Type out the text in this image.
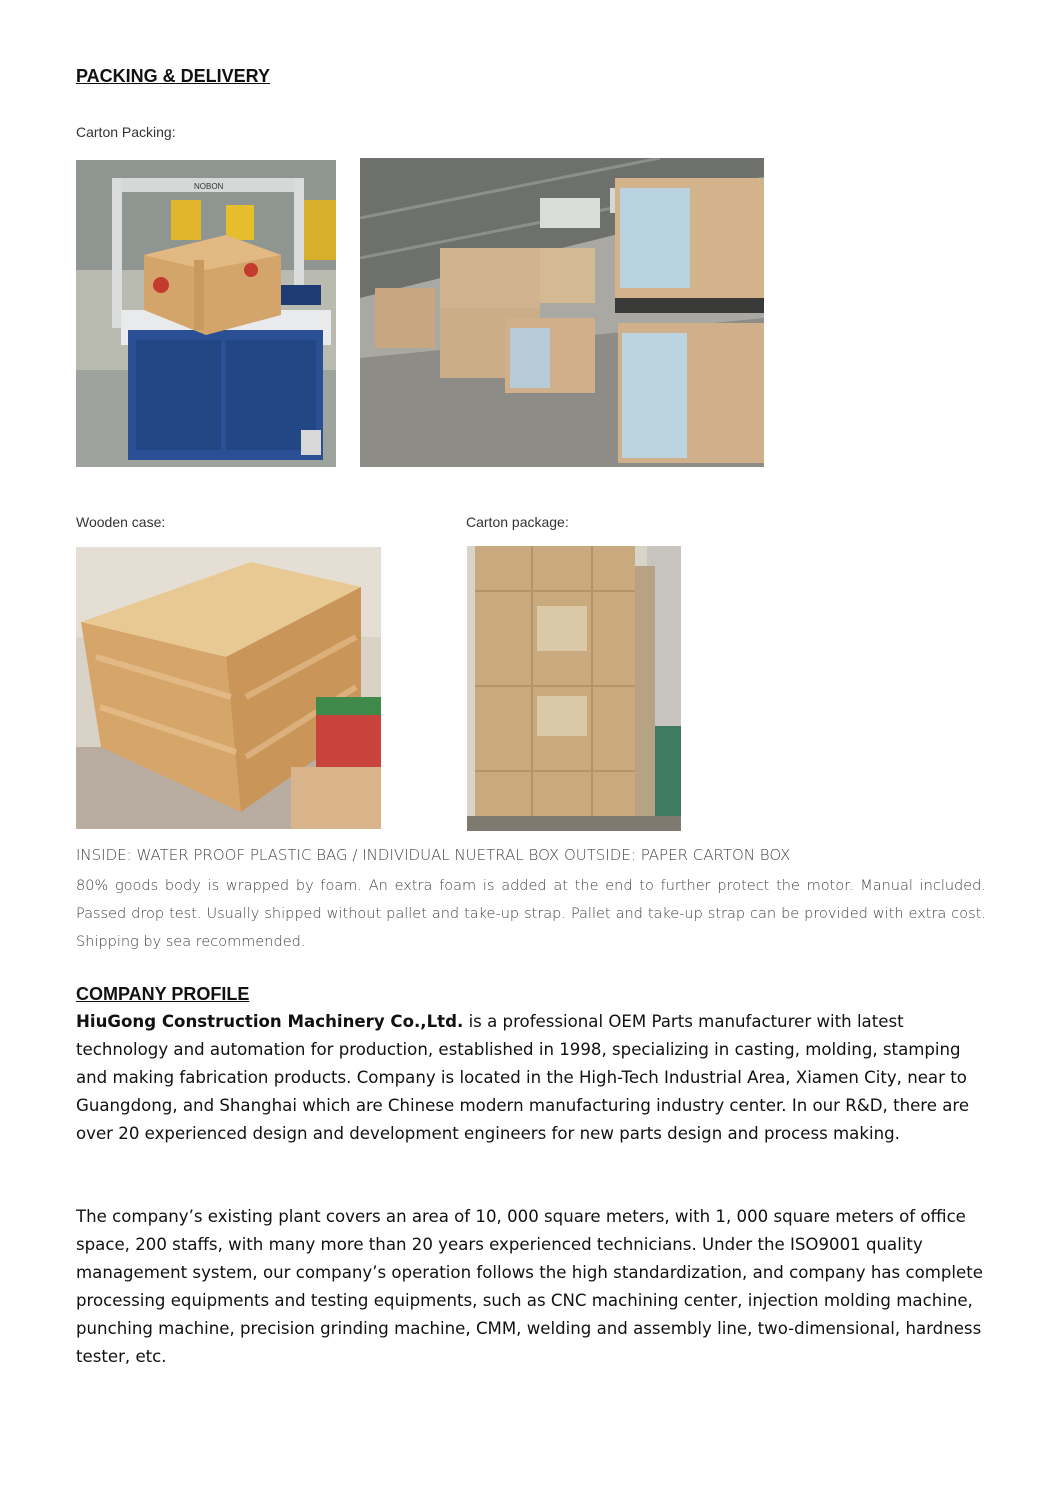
PACKING & DELIVERY
Carton Packing:
NOBON
Wooden case:	Carton package:
INSIDE: WATER PROOF PLASTIC BAG / INDIVIDUAL NUETRAL BOX OUTSIDE: PAPER CARTON BOX

80% goods body is wrapped by foam. An extra foam is added at the end to further protect the motor. Manual included. Passed drop test. Usually shipped without pallet and take-up strap. Pallet and take-up strap can be provided with extra cost. Shipping by sea recommended.

COMPANY PROFILE

HiuGong Construction Machinery Co.,Ltd. is a professional OEM Parts manufacturer with latest technology and automation for production, established in 1998, specializing in casting, molding, stamping and making fabrication products. Company is located in the High-Tech Industrial Area, Xiamen City, near to Guangdong, and Shanghai which are Chinese modern manufacturing industry center. In our R&D, there are over 20 experienced design and development engineers for new parts design and process making.

The company’s existing plant covers an area of 10, 000 square meters, with 1, 000 square meters of office space, 200 staffs, with many more than 20 years experienced technicians. Under the ISO9001 quality management system, our company’s operation follows the high standardization, and company has complete processing equipments and testing equipments, such as CNC machining center, injection molding machine, punching machine, precision grinding machine, CMM, welding and assembly line, two-dimensional, hardness tester, etc.
